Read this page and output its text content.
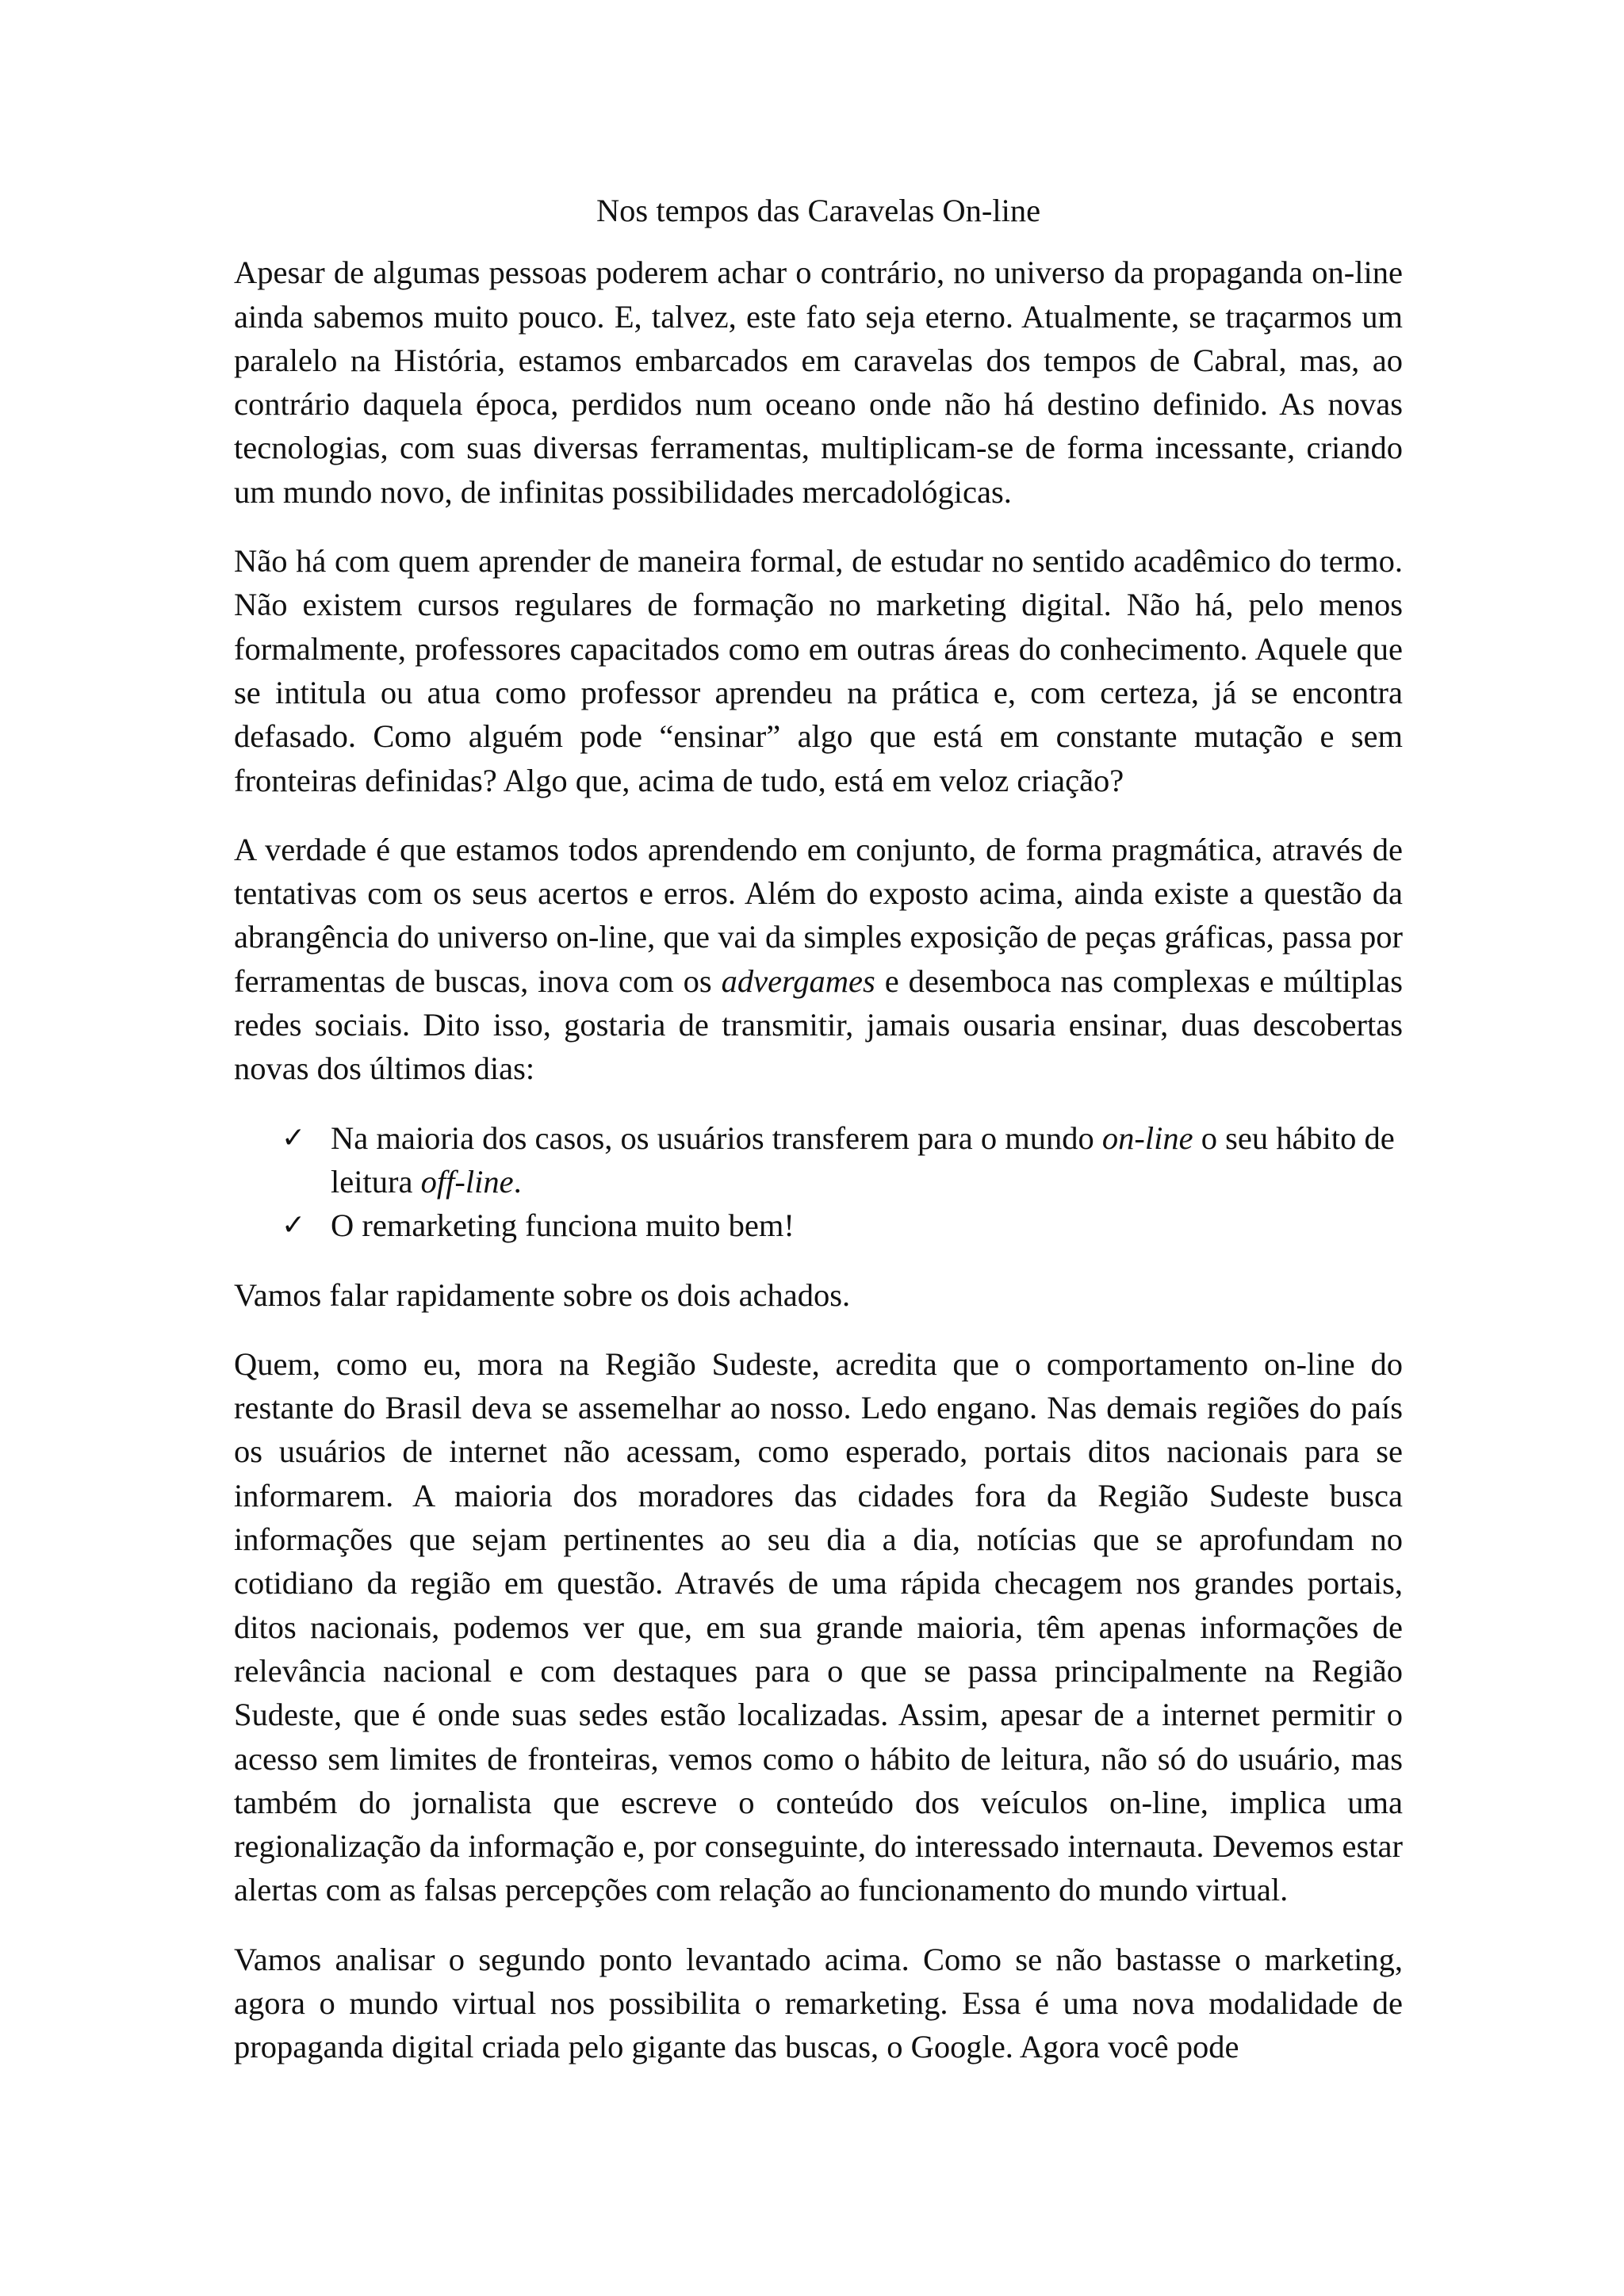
Nos tempos das Caravelas On-line

Apesar de algumas pessoas poderem achar o contrário, no universo da propaganda on-line ainda sabemos muito pouco. E, talvez, este fato seja eterno. Atualmente, se traçarmos um paralelo na História, estamos embarcados em caravelas dos tempos de Cabral, mas, ao contrário daquela época, perdidos num oceano onde não há destino definido. As novas tecnologias, com suas diversas ferramentas, multiplicam-se de forma incessante, criando um mundo novo, de infinitas possibilidades mercadológicas.

Não há com quem aprender de maneira formal, de estudar no sentido acadêmico do termo. Não existem cursos regulares de formação no marketing digital. Não há, pelo menos formalmente, professores capacitados como em outras áreas do conhecimento. Aquele que se intitula ou atua como professor aprendeu na prática e, com certeza, já se encontra defasado. Como alguém pode “ensinar” algo que está em constante mutação e sem fronteiras definidas? Algo que, acima de tudo, está em veloz criação?

A verdade é que estamos todos aprendendo em conjunto, de forma pragmática, através de tentativas com os seus acertos e erros. Além do exposto acima, ainda existe a questão da abrangência do universo on-line, que vai da simples exposição de peças gráficas, passa por ferramentas de buscas, inova com os advergames e desemboca nas complexas e múltiplas redes sociais. Dito isso, gostaria de transmitir, jamais ousaria ensinar, duas descobertas novas dos últimos dias:

✓ Na maioria dos casos, os usuários transferem para o mundo on-line o seu hábito de leitura off-line.
✓ O remarketing funciona muito bem!

Vamos falar rapidamente sobre os dois achados.

Quem, como eu, mora na Região Sudeste, acredita que o comportamento on-line do restante do Brasil deva se assemelhar ao nosso. Ledo engano. Nas demais regiões do país os usuários de internet não acessam, como esperado, portais ditos nacionais para se informarem. A maioria dos moradores das cidades fora da Região Sudeste busca informações que sejam pertinentes ao seu dia a dia, notícias que se aprofundam no cotidiano da região em questão. Através de uma rápida checagem nos grandes portais, ditos nacionais, podemos ver que, em sua grande maioria, têm apenas informações de relevância nacional e com destaques para o que se passa principalmente na Região Sudeste, que é onde suas sedes estão localizadas. Assim, apesar de a internet permitir o acesso sem limites de fronteiras, vemos como o hábito de leitura, não só do usuário, mas também do jornalista que escreve o conteúdo dos veículos on-line, implica uma regionalização da informação e, por conseguinte, do interessado internauta. Devemos estar alertas com as falsas percepções com relação ao funcionamento do mundo virtual.

Vamos analisar o segundo ponto levantado acima. Como se não bastasse o marketing, agora o mundo virtual nos possibilita o remarketing. Essa é uma nova modalidade de propaganda digital criada pelo gigante das buscas, o Google. Agora você pode
